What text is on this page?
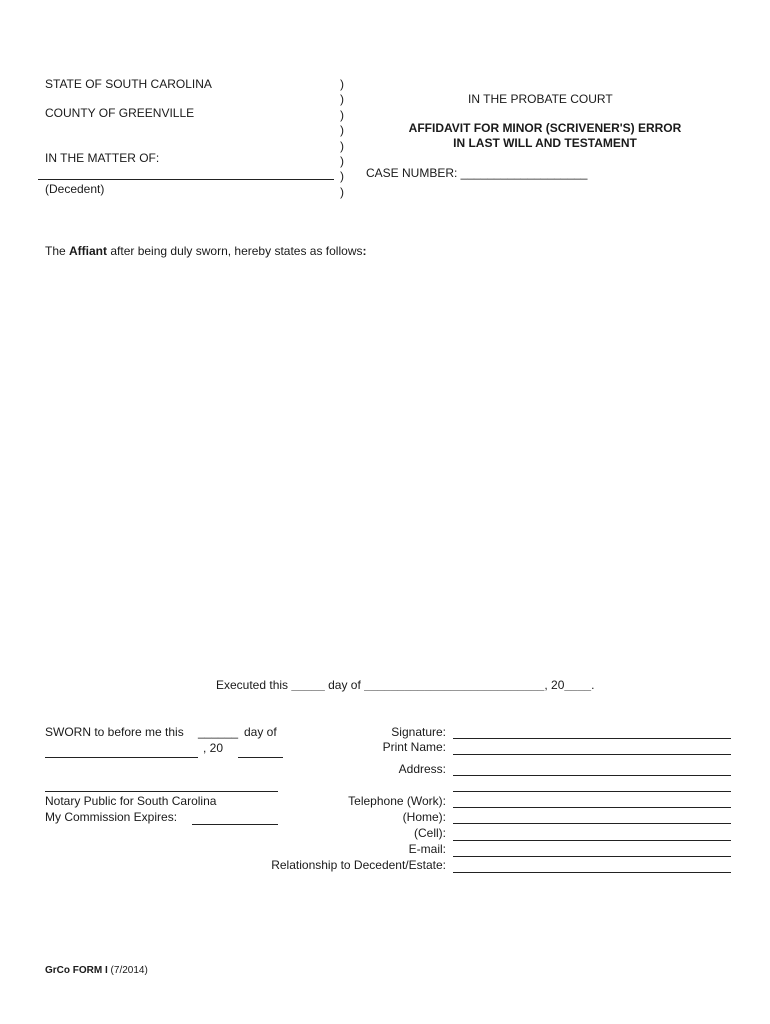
STATE OF SOUTH CAROLINA
COUNTY OF GREENVILLE
IN THE MATTER OF:
(Decedent)
)
)
)
)
)
)
)
)
IN THE PROBATE COURT
AFFIDAVIT FOR MINOR (SCRIVENER'S) ERROR
IN LAST WILL AND TESTAMENT
CASE NUMBER: ___________________
The Affiant after being duly sworn, hereby states as follows:
Executed this _____ day of ___________________________, 20____.
SWORN to before me this ______ day of
, 20
Notary Public for South Carolina
My Commission Expires:
Signature:
Print Name:
Address:
Telephone (Work):
(Home):
(Cell):
E-mail:
Relationship to Decedent/Estate:
GrCo FORM I (7/2014)
